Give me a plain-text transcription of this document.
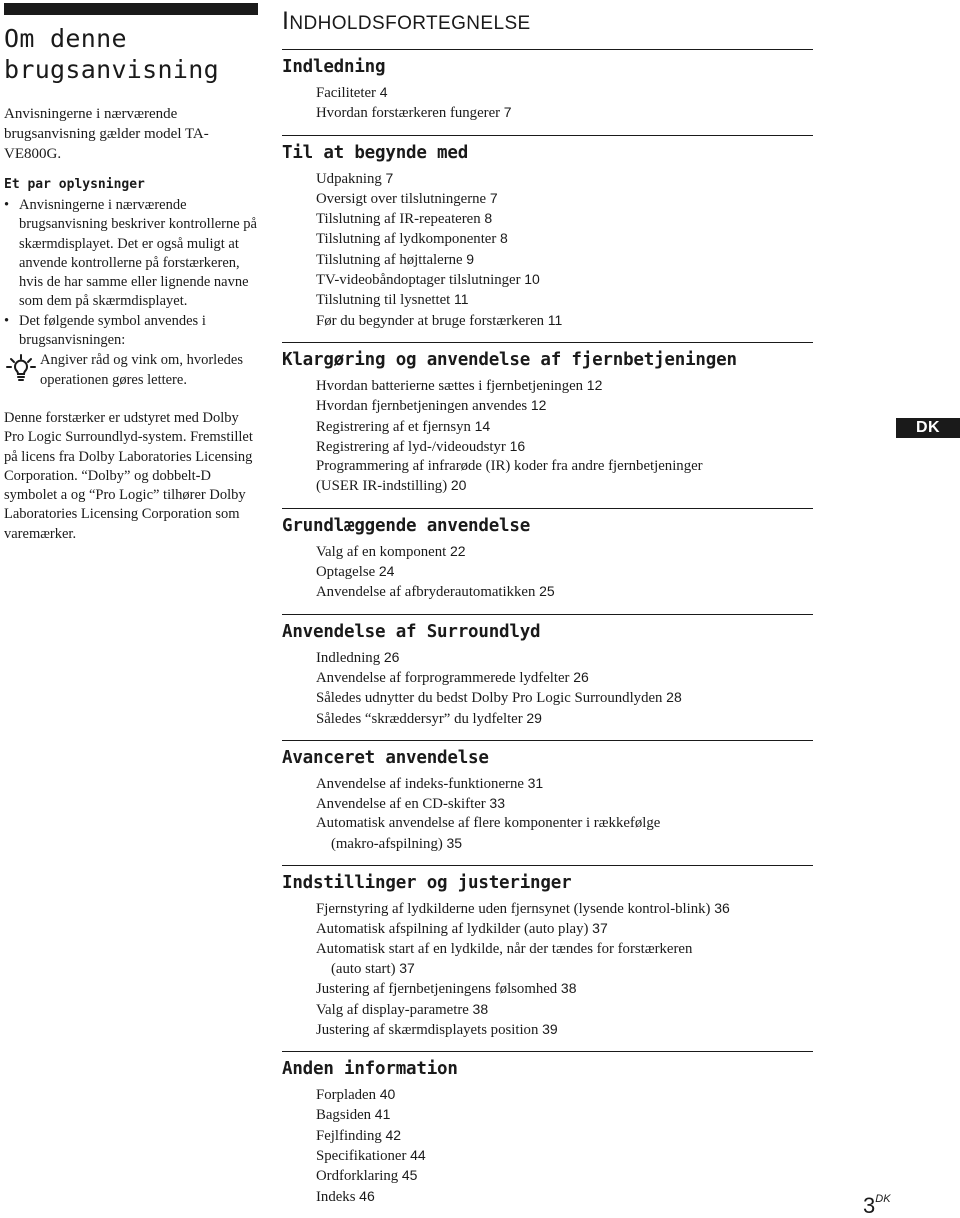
Om denne
brugsanvisning
Anvisningerne i nærværende brugsanvisning gælder model TA-VE800G.
Et par oplysninger
• Anvisningerne i nærværende brugsanvisning beskriver kontrollerne på skærmdisplayet. Det er også muligt at anvende kontrollerne på forstærkeren, hvis de har samme eller lignende navne som dem på skærmdisplayet.
• Det følgende symbol anvendes i brugsanvisningen:
Angiver råd og vink om, hvorledes operationen gøres lettere.
Denne forstærker er udstyret med Dolby Pro Logic Surroundlyd-system. Fremstillet på licens fra Dolby Laboratories Licensing Corporation. “Dolby” og dobbelt-D symbolet a og “Pro Logic” tilhører Dolby Laboratories Licensing Corporation som varemærker.
INDHOLDSFORTEGNELSE
Indledning
Faciliteter 4
Hvordan forstærkeren fungerer 7
Til at begynde med
Udpakning 7
Oversigt over tilslutningerne 7
Tilslutning af IR-repeateren 8
Tilslutning af lydkomponenter 8
Tilslutning af højttalerne 9
TV-videobåndoptager tilslutninger 10
Tilslutning til lysnettet 11
Før du begynder at bruge forstærkeren 11
Klargøring og anvendelse af fjernbetjeningen
Hvordan batterierne sættes i fjernbetjeningen 12
Hvordan fjernbetjeningen anvendes 12
Registrering af et fjernsyn 14
Registrering af lyd-/videoudstyr 16
Programmering af infrarøde (IR) koder fra andre fjernbetjeninger
(USER IR-indstilling) 20
Grundlæggende anvendelse
Valg af en komponent 22
Optagelse 24
Anvendelse af afbryderautomatikken 25
Anvendelse af Surroundlyd
Indledning 26
Anvendelse af forprogrammerede lydfelter 26
Således udnytter du bedst Dolby Pro Logic Surroundlyden 28
Således “skræddersyr” du lydfelter 29
Avanceret anvendelse
Anvendelse af indeks-funktionerne 31
Anvendelse af en CD-skifter 33
Automatisk anvendelse af flere komponenter i rækkefølge
(makro-afspilning) 35
Indstillinger og justeringer
Fjernstyring af lydkilderne uden fjernsynet (lysende kontrol-blink) 36
Automatisk afspilning af lydkilder (auto play) 37
Automatisk start af en lydkilde, når der tændes for forstærkeren
(auto start) 37
Justering af fjernbetjeningens følsomhed 38
Valg af display-parametre 38
Justering af skærmdisplayets position 39
Anden information
Forpladen 40
Bagsiden 41
Fejlfinding 42
Specifikationer 44
Ordforklaring 45
Indeks 46
DK
$3^{DK}$
